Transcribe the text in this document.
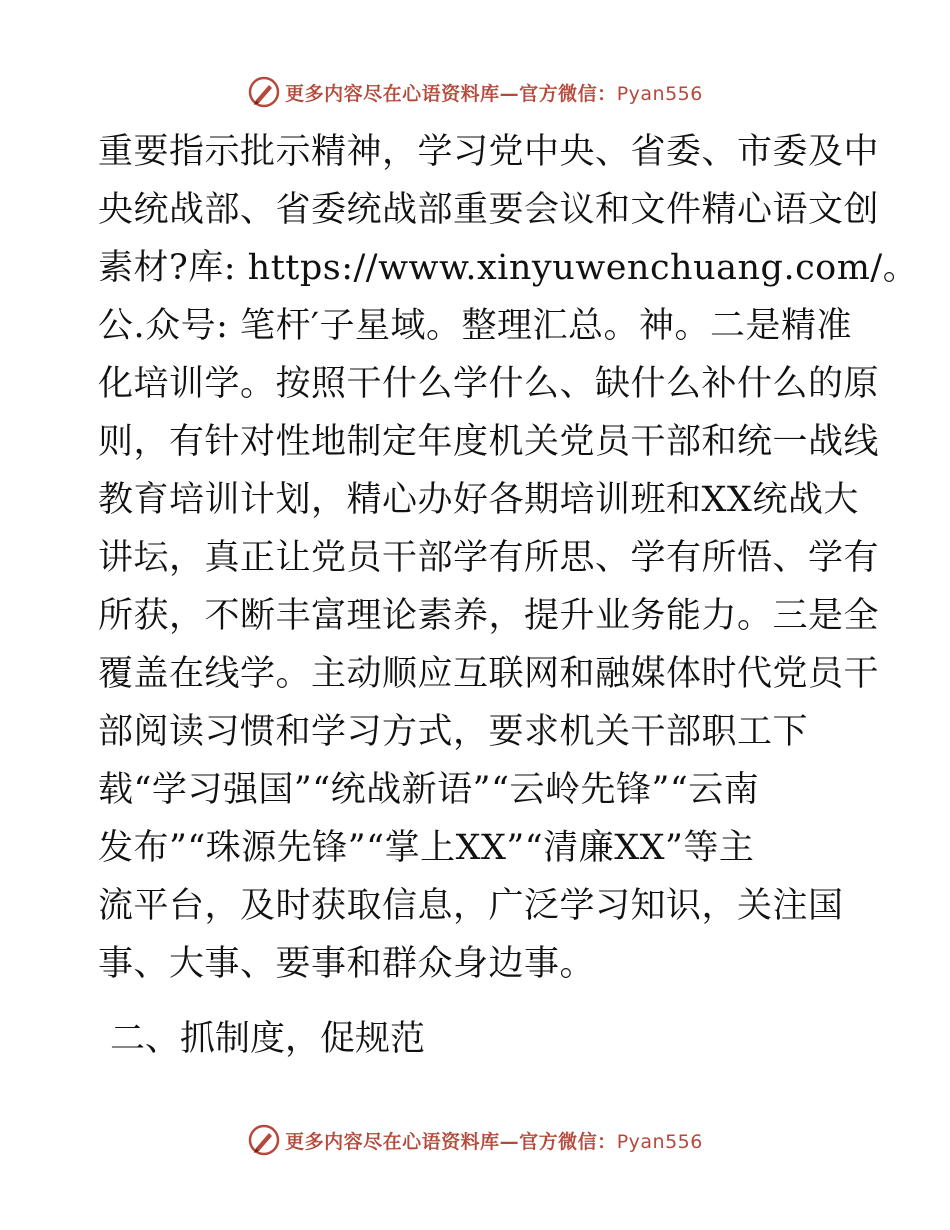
更多内容尽在心语资料库—官方微信：Pyan556
重要指示批示精神，学习党中央、省委、市委及中
央统战部、省委统战部重要会议和文件精心语文创
素材?库: https://www.xinyuwenchuang.com/。
公.众号: 笔杆′子星域。整理汇总。神。二是精准
化培训学。按照干什么学什么、缺什么补什么的原
则，有针对性地制定年度机关党员干部和统一战线
教育培训计划，精心办好各期培训班和XX统战大
讲坛，真正让党员干部学有所思、学有所悟、学有
所获，不断丰富理论素养，提升业务能力。三是全
覆盖在线学。主动顺应互联网和融媒体时代党员干
部阅读习惯和学习方式，要求机关干部职工下
载“学习强国”“统战新语”“云岭先锋”“云南
发布”“珠源先锋”“掌上XX”“清廉XX”等主
流平台，及时获取信息，广泛学习知识，关注国
事、大事、要事和群众身边事。
二、抓制度，促规范
更多内容尽在心语资料库—官方微信：Pyan556
